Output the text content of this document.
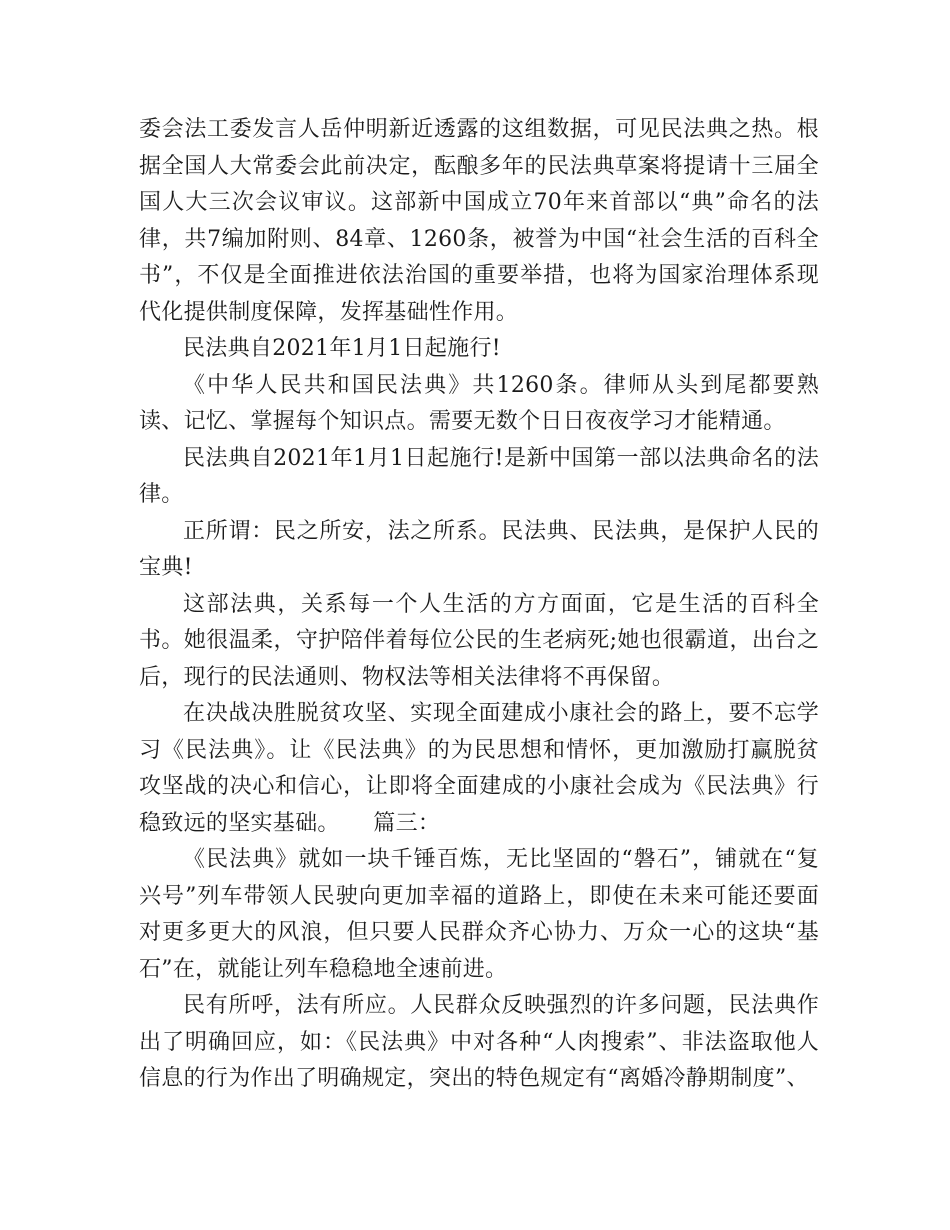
委会法工委发言人岳仲明新近透露的这组数据，可见民法典之热。根据全国人大常委会此前决定，酝酿多年的民法典草案将提请十三届全国人大三次会议审议。这部新中国成立70年来首部以“典”命名的法律，共7编加附则、84章、1260条，被誉为中国“社会生活的百科全书”，不仅是全面推进依法治国的重要举措，也将为国家治理体系现代化提供制度保障，发挥基础性作用。

民法典自2021年1月1日起施行!

《中华人民共和国民法典》共1260条。律师从头到尾都要熟读、记忆、掌握每个知识点。需要无数个日日夜夜学习才能精通。

民法典自2021年1月1日起施行!是新中国第一部以法典命名的法律。

正所谓：民之所安，法之所系。民法典、民法典，是保护人民的宝典!

这部法典，关系每一个人生活的方方面面，它是生活的百科全书。她很温柔，守护陪伴着每位公民的生老病死;她也很霸道，出台之后，现行的民法通则、物权法等相关法律将不再保留。

在决战决胜脱贫攻坚、实现全面建成小康社会的路上，要不忘学习《民法典》。让《民法典》的为民思想和情怀，更加激励打赢脱贫攻坚战的决心和信心，让即将全面建成的小康社会成为《民法典》行稳致远的坚实基础。　　篇三：

《民法典》就如一块千锤百炼，无比坚固的“磐石”，铺就在“复兴号”列车带领人民驶向更加幸福的道路上，即使在未来可能还要面对更多更大的风浪，但只要人民群众齐心协力、万众一心的这块“基石”在，就能让列车稳稳地全速前进。

民有所呼，法有所应。人民群众反映强烈的许多问题，民法典作出了明确回应，如：《民法典》中对各种“人肉搜索”、非法盗取他人信息的行为作出了明确规定，突出的特色规定有“离婚冷静期制度”、
